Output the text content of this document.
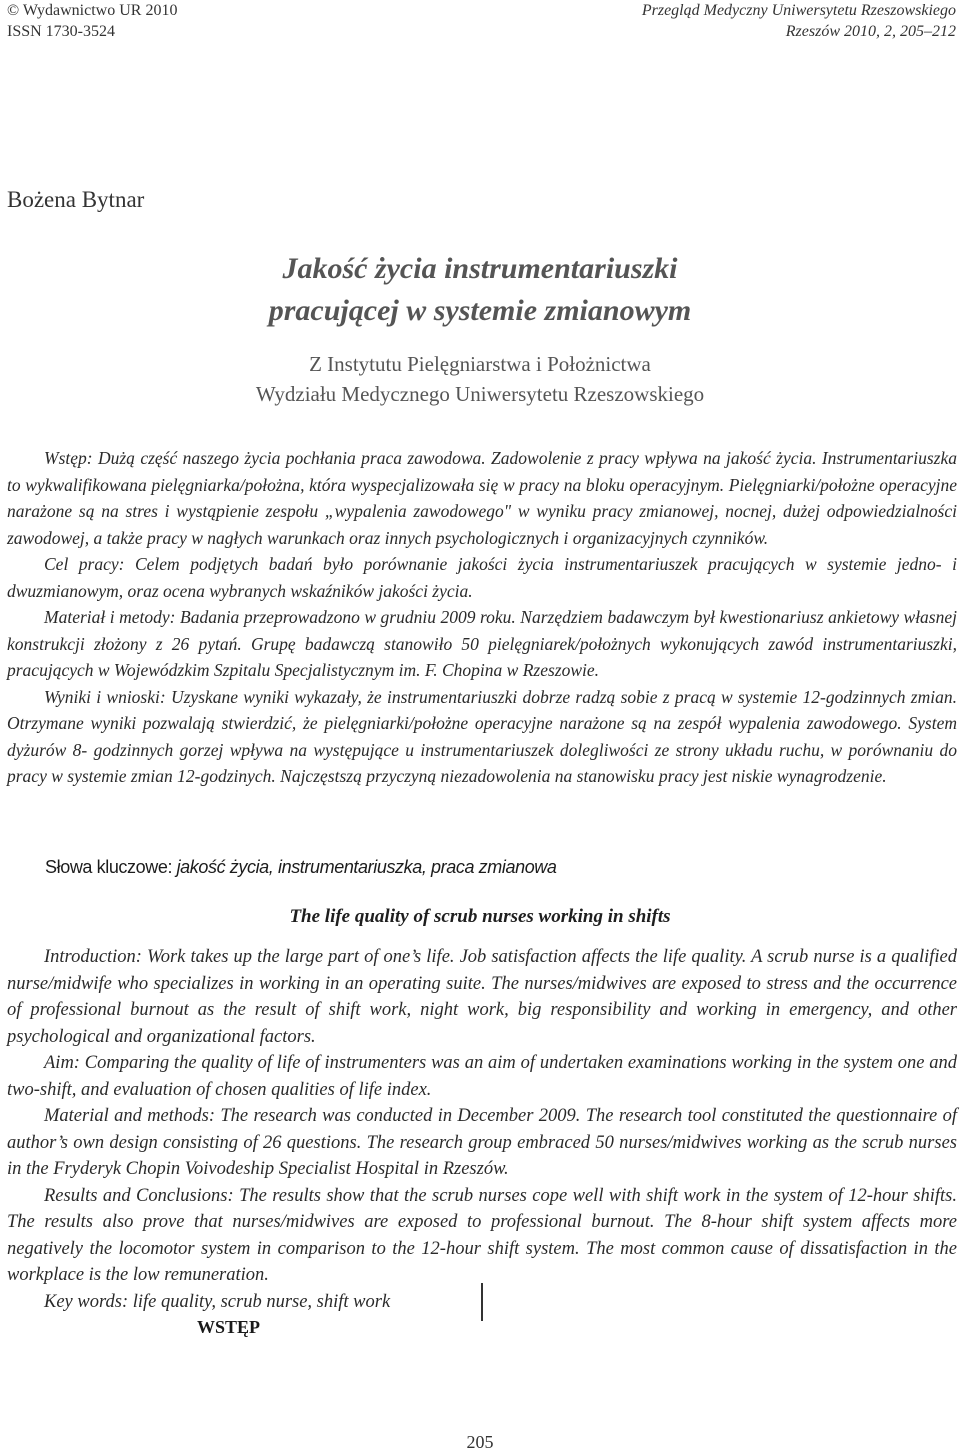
© Wydawnictwo UR 2010
ISSN 1730-3524
Przegląd Medyczny Uniwersytetu Rzeszowskiego
Rzeszów 2010, 2, 205–212
Bożena Bytnar
Jakość życia instrumentariuszki
pracującej w systemie zmianowym
Z Instytutu Pielęgniarstwa i Położnictwa
Wydziału Medycznego Uniwersytetu Rzeszowskiego

Wstęp: Dużą część naszego życia pochłania praca zawodowa. Zadowolenie z pracy wpływa na jakość życia. Instrumentariuszka to wykwalifikowana pielęgniarka/położna, która wyspecjalizowała się w pracy na bloku operacyjnym. Pielęgniarki/położne operacyjne narażone są na stres i wystąpienie zespołu „wypalenia zawodowego" w wyniku pracy zmianowej, nocnej, dużej odpowiedzialności zawodowej, a także pracy w nagłych warunkach oraz innych psychologicznych i organizacyjnych czynników.

Cel pracy: Celem podjętych badań było porównanie jakości życia instrumentariuszek pracujących w systemie jedno- i dwuzmianowym, oraz ocena wybranych wskaźników jakości życia.

Materiał i metody: Badania przeprowadzono w grudniu 2009 roku. Narzędziem badawczym był kwestionariusz ankietowy własnej konstrukcji złożony z 26 pytań. Grupę badawczą stanowiło 50 pielęgniarek/położnych wykonujących zawód instrumentariuszki, pracujących w Wojewódzkim Szpitalu Specjalistycznym im. F. Chopina w Rzeszowie.

Wyniki i wnioski: Uzyskane wyniki wykazały, że instrumentariuszki dobrze radzą sobie z pracą w systemie 12-godzinnych zmian. Otrzymane wyniki pozwalają stwierdzić, że pielęgniarki/położne operacyjne narażone są na zespół wypalenia zawodowego. System dyżurów 8- godzinnych gorzej wpływa na występujące u instrumentariuszek dolegliwości ze strony układu ruchu, w porównaniu do pracy w systemie zmian 12-godzinych. Najczęstszą przyczyną niezadowolenia na stanowisku pracy jest niskie wynagrodzenie.

Słowa kluczowe: jakość życia, instrumentariuszka, praca zmianowa
The life quality of scrub nurses working in shifts

Introduction: Work takes up the large part of one’s life. Job satisfaction affects the life quality. A scrub nurse is a qualified nurse/midwife who specializes in working in an operating suite. The nurses/midwives are exposed to stress and the occurrence of professional burnout as the result of shift work, night work, big responsibility and working in emergency, and other psychological and organizational factors.

Aim: Comparing the quality of life of instrumenters was an aim of undertaken examinations working in the system one and two-shift, and evaluation of chosen qualities of life index.

Material and methods: The research was conducted in December 2009. The research tool constituted the questionnaire of author’s own design consisting of 26 questions. The research group embraced 50 nurses/midwives working as the scrub nurses in the Fryderyk Chopin Voivodeship Specialist Hospital in Rzeszów.

Results and Conclusions: The results show that the scrub nurses cope well with shift work in the system of 12-hour shifts. The results also prove that nurses/midwives are exposed to professional burnout. The 8-hour shift system affects more negatively the locomotor system in comparison to the 12-hour shift system. The most common cause of dissatisfaction in the workplace is the low remuneration.

Key words: life quality, scrub nurse, shift work

WSTĘP
205
